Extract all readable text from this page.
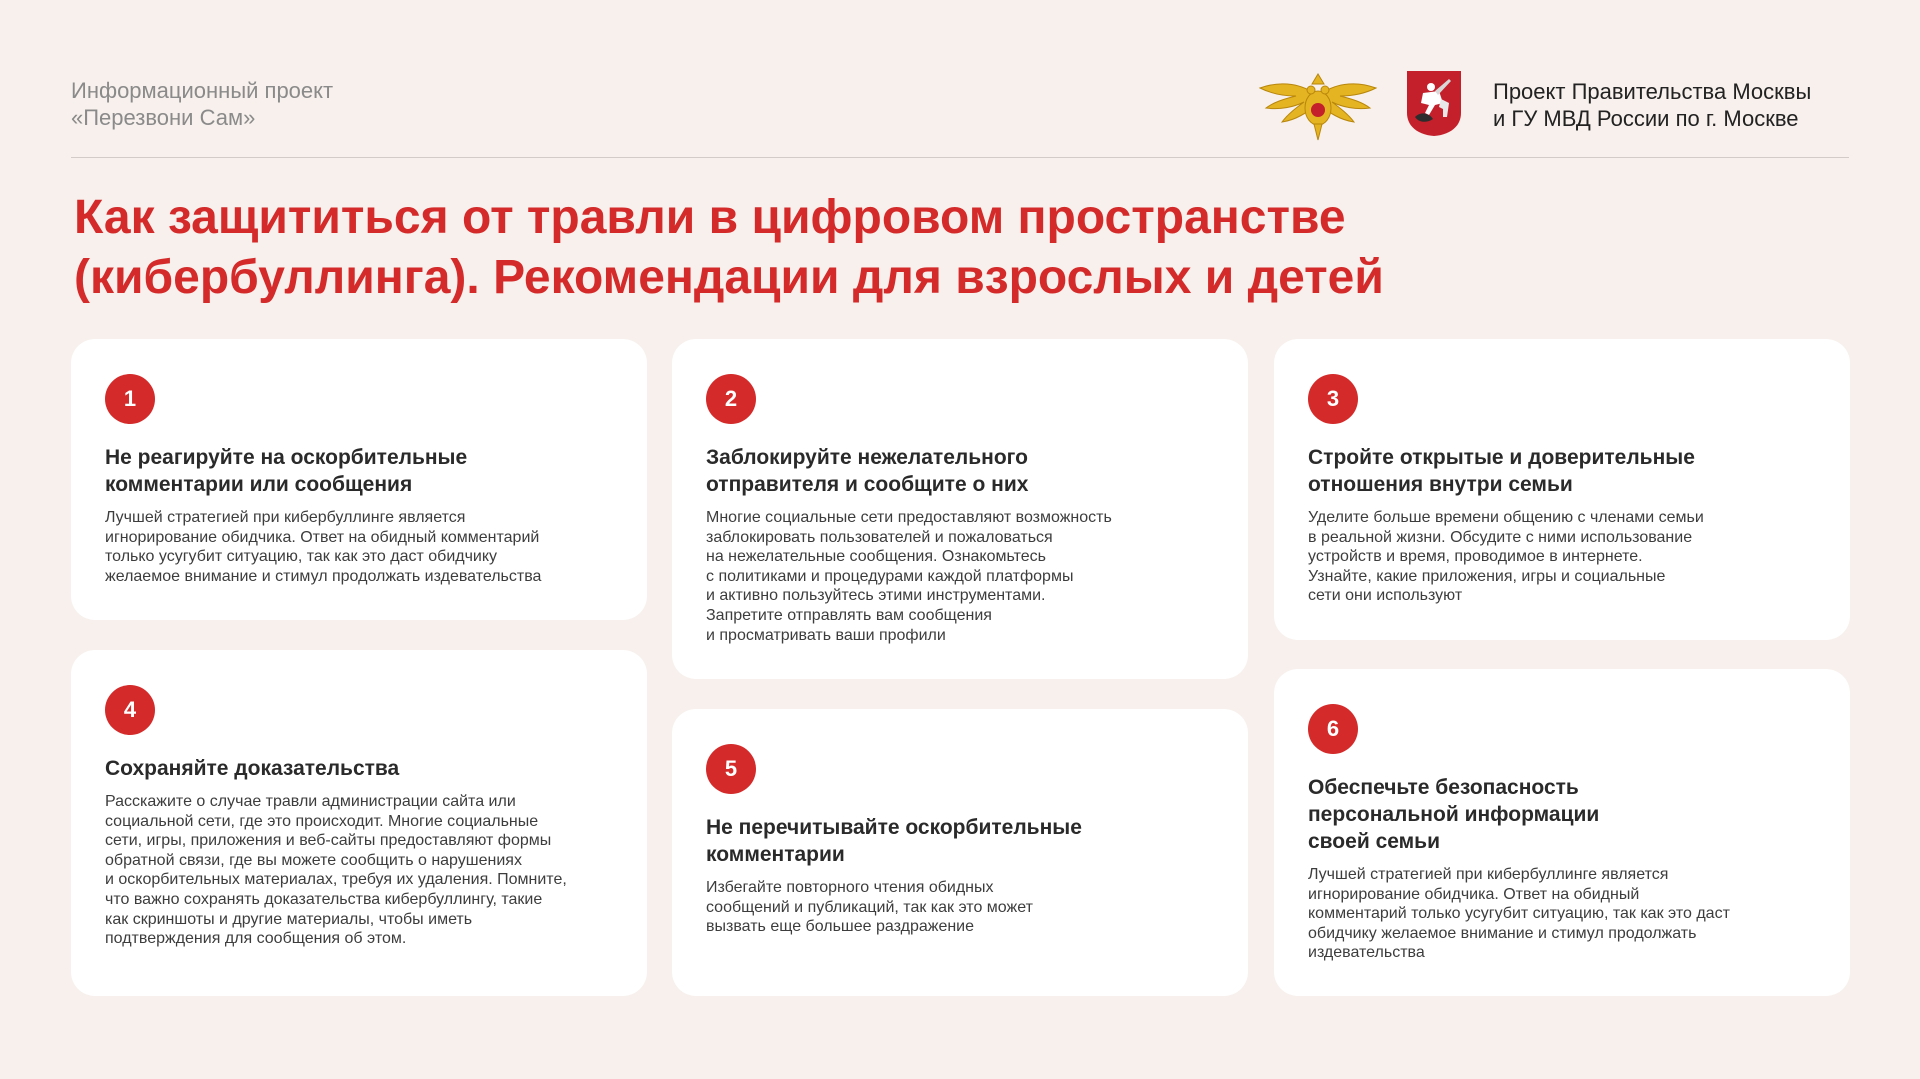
Информационный проект
«Перезвони Сам»
Проект Правительства Москвы
и ГУ МВД России по г. Москве
Как защититься от травли в цифровом пространстве
(кибербуллинга). Рекомендации для взрослых и детей
1
Не реагируйте на оскорбительные
комментарии или сообщения

Лучшей стратегией при кибербуллинге является
игнорирование обидчика. Ответ на обидный комментарий
только усугубит ситуацию, так как это даст обидчику
желаемое внимание и стимул продолжать издевательства

2
Заблокируйте нежелательного
отправителя и сообщите о них

Многие социальные сети предоставляют возможность
заблокировать пользователей и пожаловаться
на нежелательные сообщения. Ознакомьтесь
с политиками и процедурами каждой платформы
и активно пользуйтесь этими инструментами.
Запретите отправлять вам сообщения
и просматривать ваши профили

3
Стройте открытые и доверительные
отношения внутри семьи

Уделите больше времени общению с членами семьи
в реальной жизни. Обсудите с ними использование
устройств и время, проводимое в интернете.
Узнайте, какие приложения, игры и социальные
сети они используют

4
Сохраняйте доказательства

Расскажите о случае травли администрации сайта или
социальной сети, где это происходит. Многие социальные
сети, игры, приложения и веб-сайты предоставляют формы
обратной связи, где вы можете сообщить о нарушениях
и оскорбительных материалах, требуя их удаления. Помните,
что важно сохранять доказательства кибербуллингу, такие
как скриншоты и другие материалы, чтобы иметь
подтверждения для сообщения об этом.

5
Не перечитывайте оскорбительные
комментарии

Избегайте повторного чтения обидных
сообщений и публикаций, так как это может
вызвать еще большее раздражение

6
Обеспечьте безопасность
персональной информации
своей семьи

Лучшей стратегией при кибербуллинге является
игнорирование обидчика. Ответ на обидный
комментарий только усугубит ситуацию, так как это даст
обидчику желаемое внимание и стимул продолжать
издевательства
